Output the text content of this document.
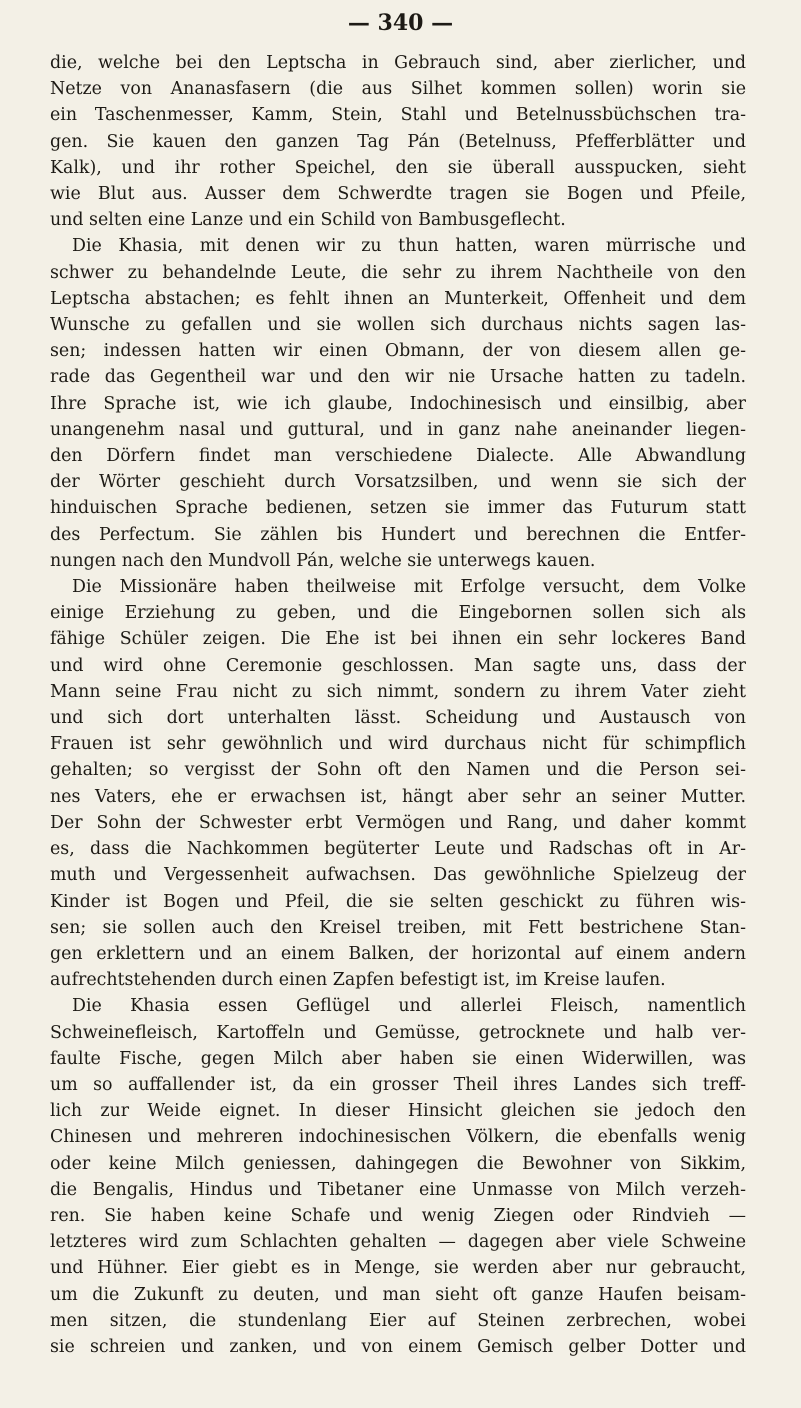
— 340 —
die, welche bei den Leptscha in Gebrauch sind, aber zierlicher, und
Netze von Ananasfasern (die aus Silhet kommen sollen) worin sie
ein Taschenmesser, Kamm, Stein, Stahl und Betelnussbüchschen tra-
gen. Sie kauen den ganzen Tag Pán (Betelnuss, Pfefferblätter und
Kalk), und ihr rother Speichel, den sie überall ausspucken, sieht
wie Blut aus. Ausser dem Schwerdte tragen sie Bogen und Pfeile,
und selten eine Lanze und ein Schild von Bambusgeflecht.
Die Khasia, mit denen wir zu thun hatten, waren mürrische und
schwer zu behandelnde Leute, die sehr zu ihrem Nachtheile von den
Leptscha abstachen; es fehlt ihnen an Munterkeit, Offenheit und dem
Wunsche zu gefallen und sie wollen sich durchaus nichts sagen las-
sen; indessen hatten wir einen Obmann, der von diesem allen ge-
rade das Gegentheil war und den wir nie Ursache hatten zu tadeln.
Ihre Sprache ist, wie ich glaube, Indochinesisch und einsilbig, aber
unangenehm nasal und guttural, und in ganz nahe aneinander liegen-
den Dörfern findet man verschiedene Dialecte. Alle Abwandlung
der Wörter geschieht durch Vorsatzsilben, und wenn sie sich der
hinduischen Sprache bedienen, setzen sie immer das Futurum statt
des Perfectum. Sie zählen bis Hundert und berechnen die Entfer-
nungen nach den Mundvoll Pán, welche sie unterwegs kauen.
Die Missionäre haben theilweise mit Erfolge versucht, dem Volke
einige Erziehung zu geben, und die Eingebornen sollen sich als
fähige Schüler zeigen. Die Ehe ist bei ihnen ein sehr lockeres Band
und wird ohne Ceremonie geschlossen. Man sagte uns, dass der
Mann seine Frau nicht zu sich nimmt, sondern zu ihrem Vater zieht
und sich dort unterhalten lässt. Scheidung und Austausch von
Frauen ist sehr gewöhnlich und wird durchaus nicht für schimpflich
gehalten; so vergisst der Sohn oft den Namen und die Person sei-
nes Vaters, ehe er erwachsen ist, hängt aber sehr an seiner Mutter.
Der Sohn der Schwester erbt Vermögen und Rang, und daher kommt
es, dass die Nachkommen begüterter Leute und Radschas oft in Ar-
muth und Vergessenheit aufwachsen. Das gewöhnliche Spielzeug der
Kinder ist Bogen und Pfeil, die sie selten geschickt zu führen wis-
sen; sie sollen auch den Kreisel treiben, mit Fett bestrichene Stan-
gen erklettern und an einem Balken, der horizontal auf einem andern
aufrechtstehenden durch einen Zapfen befestigt ist, im Kreise laufen.
Die Khasia essen Geflügel und allerlei Fleisch, namentlich
Schweinefleisch, Kartoffeln und Gemüsse, getrocknete und halb ver-
faulte Fische, gegen Milch aber haben sie einen Widerwillen, was
um so auffallender ist, da ein grosser Theil ihres Landes sich treff-
lich zur Weide eignet. In dieser Hinsicht gleichen sie jedoch den
Chinesen und mehreren indochinesischen Völkern, die ebenfalls wenig
oder keine Milch geniessen, dahingegen die Bewohner von Sikkim,
die Bengalis, Hindus und Tibetaner eine Unmasse von Milch verzeh-
ren. Sie haben keine Schafe und wenig Ziegen oder Rindvieh —
letzteres wird zum Schlachten gehalten — dagegen aber viele Schweine
und Hühner. Eier giebt es in Menge, sie werden aber nur gebraucht,
um die Zukunft zu deuten, und man sieht oft ganze Haufen beisam-
men sitzen, die stundenlang Eier auf Steinen zerbrechen, wobei
sie schreien und zanken, und von einem Gemisch gelber Dotter und
